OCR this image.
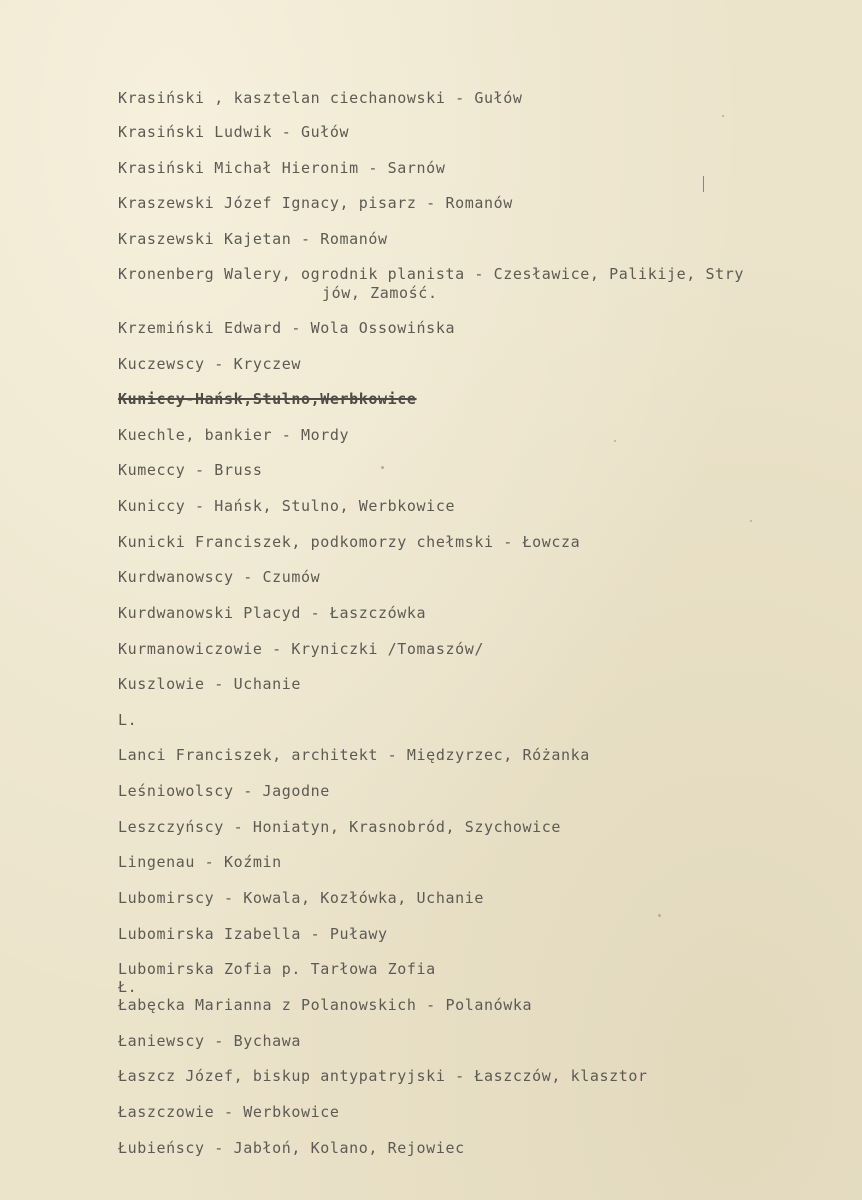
Krasiński , kasztelan ciechanowski - Gułów

Krasiński Ludwik - Gułów

Krasiński Michał Hieronim - Sarnów

Kraszewski Józef Ignacy, pisarz - Romanów

Kraszewski Kajetan - Romanów

Kronenberg Walery, ogrodnik planista - Czesławice, Palikije, Stry

jów, Zamość.

Krzemiński Edward - Wola Ossowińska

Kuczewscy - Kryczew

Kuniccy-Hańsk,Stulno,Werbkowice

Kuechle, bankier - Mordy

Kumeccy - Bruss

Kuniccy - Hańsk, Stulno, Werbkowice

Kunicki Franciszek, podkomorzy chełmski - Łowcza

Kurdwanowscy - Czumów

Kurdwanowski Placyd - Łaszczówka

Kurmanowiczowie - Kryniczki /Tomaszów/

Kuszlowie - Uchanie

L.

Lanci Franciszek, architekt - Międzyrzec, Różanka

Leśniowolscy - Jagodne

Leszczyńscy - Honiatyn, Krasnobród, Szychowice

Lingenau - Koźmin

Lubomirscy - Kowala, Kozłówka, Uchanie

Lubomirska Izabella - Puławy

Lubomirska Zofia p. Tarłowa Zofia

Ł.

Łabęcka Marianna z Polanowskich - Polanówka

Łaniewscy - Bychawa

Łaszcz Józef, biskup antypatryjski - Łaszczów, klasztor

Łaszczowie - Werbkowice

Łubieńscy - Jabłoń, Kolano, Rejowiec
